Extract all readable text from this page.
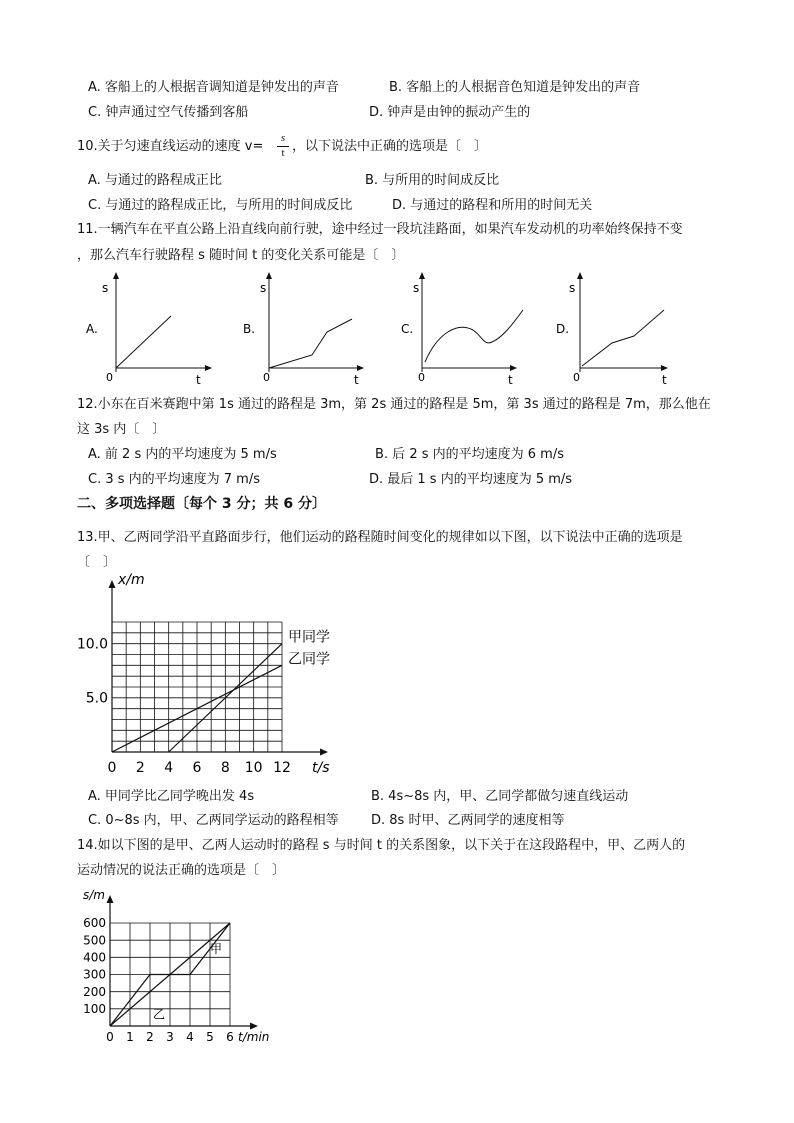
A. 客船上的人根据音调知道是钟发出的声音	B. 客船上的人根据音色知道是钟发出的声音
C. 钟声通过空气传播到客船	D. 钟声是由钟的振动产生的
10.关于匀速直线运动的速度 v=
s
t ，以下说法中正确的选项是〔　〕
A. 与通过的路程成正比	B. 与所用的时间成反比
C. 与通过的路程成正比，与所用的时间成反比	D. 与通过的路程和所用的时间无关
11.一辆汽车在平直公路上沿直线向前行驶，途中经过一段坑洼路面，如果汽车发动机的功率始终保持不变
，那么汽车行驶路程 s 随时间 t 的变化关系可能是〔　〕
s
0	t
A.
s
0	t
B.
s
0	t
C.
s
0	t
D.
12.小东在百米赛跑中第 1s 通过的路程是 3m，第 2s 通过的路程是 5m，第 3s 通过的路程是 7m，那么他在
这 3s 内〔　〕
A. 前 2 s 内的平均速度为 5 m/s	B. 后 2 s 内的平均速度为 6 m/s
C. 3 s 内的平均速度为 7 m/s	D. 最后 1 s 内的平均速度为 5 m/s
二、多项选择题〔每个 3 分；共 6 分〕
13.甲、乙两同学沿平直路面步行，他们运动的路程随时间变化的规律如以下图，以下说法中正确的选项是
〔　〕
0 2 4 6 8 10 12
5.0
10.0
x/m
t/s
甲同学
乙同学
A. 甲同学比乙同学晚出发 4s	B. 4s~8s 内，甲、乙同学都做匀速直线运动
C. 0~8s 内，甲、乙两同学运动的路程相等 D. 8s 时甲、乙两同学的速度相等
14.如以下图的是甲、乙两人运动时的路程 s 与时间 t 的关系图象，以下关于在这段路程中，甲、乙两人的
运动情况的说法正确的选项是〔　〕
0 1 2 3 4 5 6
100
200
300
400
500
600
s/m
t/min
甲
乙
